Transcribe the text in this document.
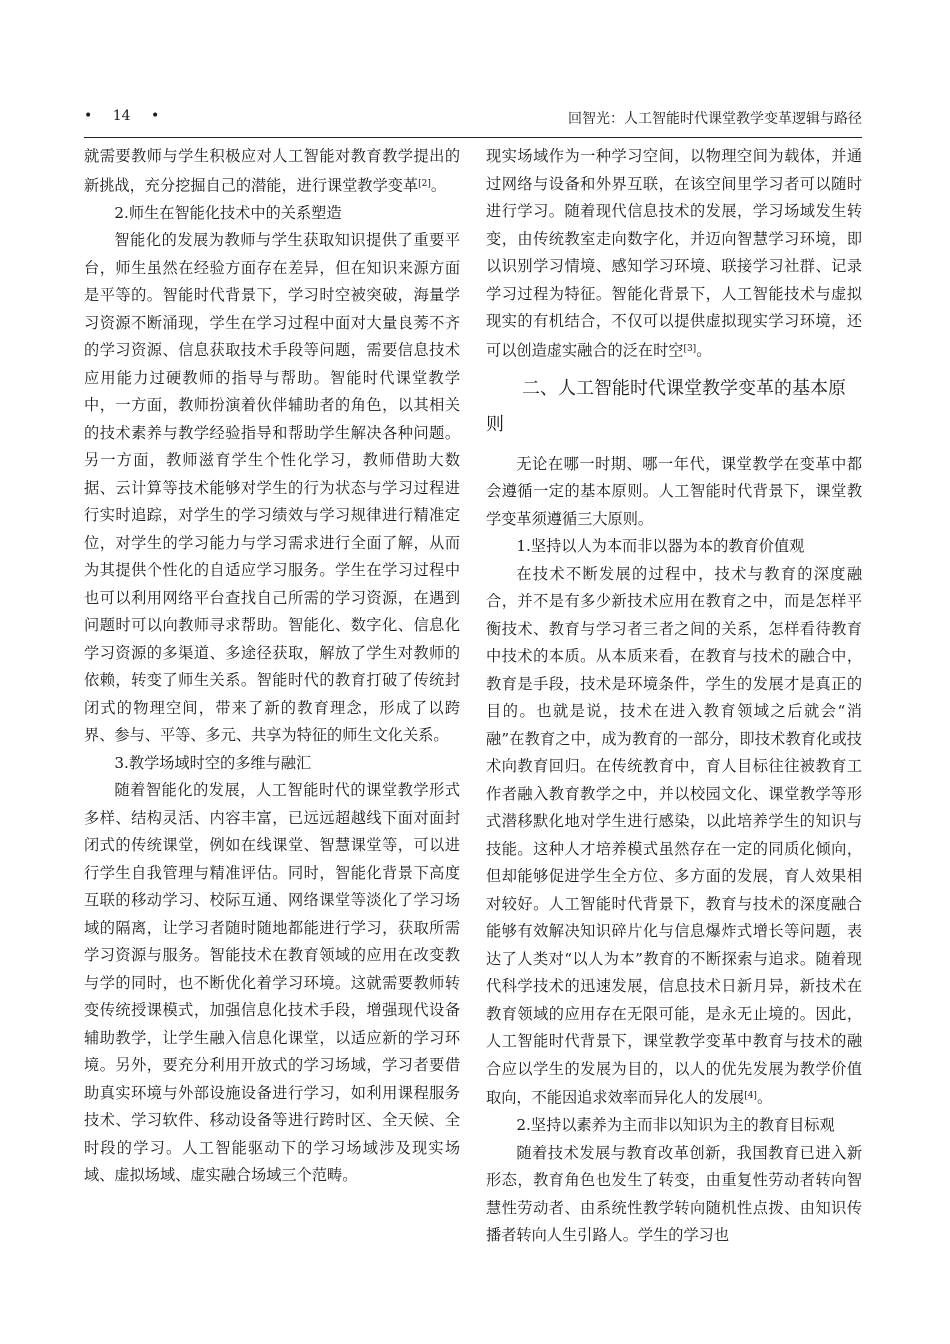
• 14 •	回智光：人工智能时代课堂教学变革逻辑与路径

就需要教师与学生积极应对人工智能对教育教学提出的新挑战，充分挖掘自己的潜能，进行课堂教学变革[2]。

2.师生在智能化技术中的关系塑造

智能化的发展为教师与学生获取知识提供了重要平台，师生虽然在经验方面存在差异，但在知识来源方面是平等的。智能时代背景下，学习时空被突破，海量学习资源不断涌现，学生在学习过程中面对大量良莠不齐的学习资源、信息获取技术手段等问题，需要信息技术应用能力过硬教师的指导与帮助。智能时代课堂教学中，一方面，教师扮演着伙伴辅助者的角色，以其相关的技术素养与教学经验指导和帮助学生解决各种问题。另一方面，教师滋育学生个性化学习，教师借助大数据、云计算等技术能够对学生的行为状态与学习过程进行实时追踪，对学生的学习绩效与学习规律进行精准定位，对学生的学习能力与学习需求进行全面了解，从而为其提供个性化的自适应学习服务。学生在学习过程中也可以利用网络平台查找自己所需的学习资源，在遇到问题时可以向教师寻求帮助。智能化、数字化、信息化学习资源的多渠道、多途径获取，解放了学生对教师的依赖，转变了师生关系。智能时代的教育打破了传统封闭式的物理空间，带来了新的教育理念，形成了以跨界、参与、平等、多元、共享为特征的师生文化关系。

3.教学场域时空的多维与融汇

随着智能化的发展，人工智能时代的课堂教学形式多样、结构灵活、内容丰富，已远远超越线下面对面封闭式的传统课堂，例如在线课堂、智慧课堂等，可以进行学生自我管理与精准评估。同时，智能化背景下高度互联的移动学习、校际互通、网络课堂等淡化了学习场域的隔离，让学习者随时随地都能进行学习，获取所需学习资源与服务。智能技术在教育领域的应用在改变教与学的同时，也不断优化着学习环境。这就需要教师转变传统授课模式，加强信息化技术手段，增强现代设备辅助教学，让学生融入信息化课堂，以适应新的学习环境。另外，要充分利用开放式的学习场域，学习者要借助真实环境与外部设施设备进行学习，如利用课程服务技术、学习软件、移动设备等进行跨时区、全天候、全时段的学习。人工智能驱动下的学习场域涉及现实场域、虚拟场域、虚实融合场域三个范畴。

现实场域作为一种学习空间，以物理空间为载体，并通过网络与设备和外界互联，在该空间里学习者可以随时进行学习。随着现代信息技术的发展，学习场域发生转变，由传统教室走向数字化，并迈向智慧学习环境，即以识别学习情境、感知学习环境、联接学习社群、记录学习过程为特征。智能化背景下，人工智能技术与虚拟现实的有机结合，不仅可以提供虚拟现实学习环境，还可以创造虚实融合的泛在时空[3]。

二、人工智能时代课堂教学变革的基本原则

无论在哪一时期、哪一年代，课堂教学在变革中都会遵循一定的基本原则。人工智能时代背景下，课堂教学变革须遵循三大原则。

1.坚持以人为本而非以器为本的教育价值观

在技术不断发展的过程中，技术与教育的深度融合，并不是有多少新技术应用在教育之中，而是怎样平衡技术、教育与学习者三者之间的关系，怎样看待教育中技术的本质。从本质来看，在教育与技术的融合中，教育是手段，技术是环境条件，学生的发展才是真正的目的。也就是说，技术在进入教育领域之后就会“消融”在教育之中，成为教育的一部分，即技术教育化或技术向教育回归。在传统教育中，育人目标往往被教育工作者融入教育教学之中，并以校园文化、课堂教学等形式潜移默化地对学生进行感染，以此培养学生的知识与技能。这种人才培养模式虽然存在一定的同质化倾向，但却能够促进学生全方位、多方面的发展，育人效果相对较好。人工智能时代背景下，教育与技术的深度融合能够有效解决知识碎片化与信息爆炸式增长等问题，表达了人类对“以人为本”教育的不断探索与追求。随着现代科学技术的迅速发展，信息技术日新月异，新技术在教育领域的应用存在无限可能，是永无止境的。因此，人工智能时代背景下，课堂教学变革中教育与技术的融合应以学生的发展为目的，以人的优先发展为教学价值取向，不能因追求效率而异化人的发展[4]。

2.坚持以素养为主而非以知识为主的教育目标观

随着技术发展与教育改革创新，我国教育已进入新形态，教育角色也发生了转变，由重复性劳动者转向智慧性劳动者、由系统性教学转向随机性点拨、由知识传播者转向人生引路人。学生的学习也
